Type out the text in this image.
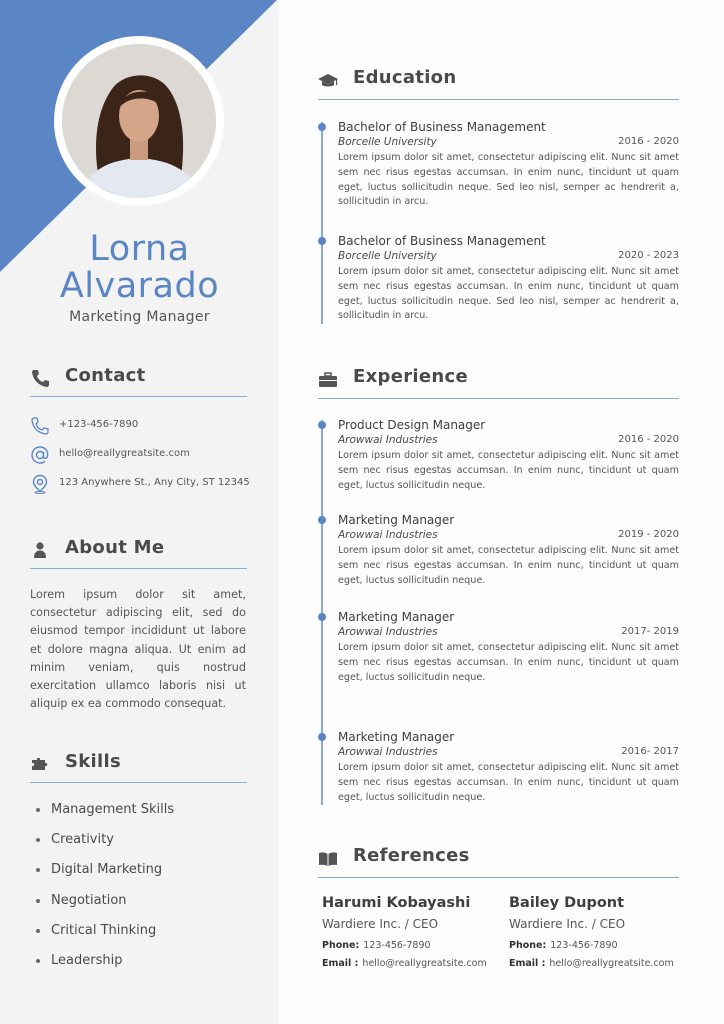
Lorna
Alvarado
Marketing Manager
Contact
+123-456-7890
hello@reallygreatsite.com
123 Anywhere St., Any City, ST 12345
About Me
Lorem ipsum dolor sit amet, consectetur adipiscing elit, sed do eiusmod tempor incididunt ut labore et dolore magna aliqua. Ut enim ad minim veniam, quis nostrud exercitation ullamco laboris nisi ut aliquip ex ea commodo consequat.
Skills
Management Skills
Creativity
Digital Marketing
Negotiation
Critical Thinking
Leadership
Education
Bachelor of Business Management
Borcelle University	2016 - 2020
Lorem ipsum dolor sit amet, consectetur adipiscing elit. Nunc sit amet sem nec risus egestas accumsan. In enim nunc, tincidunt ut quam eget, luctus sollicitudin neque. Sed leo nisl, semper ac hendrerit a, sollicitudin in arcu.
Bachelor of Business Management
Borcelle University	2020 - 2023
Lorem ipsum dolor sit amet, consectetur adipiscing elit. Nunc sit amet sem nec risus egestas accumsan. In enim nunc, tincidunt ut quam eget, luctus sollicitudin neque. Sed leo nisl, semper ac hendrerit a, sollicitudin in arcu.
Experience
Product Design Manager
Arowwai Industries	2016 - 2020
Lorem ipsum dolor sit amet, consectetur adipiscing elit. Nunc sit amet sem nec risus egestas accumsan. In enim nunc, tincidunt ut quam eget, luctus sollicitudin neque.
Marketing Manager
Arowwai Industries	2019 - 2020
Lorem ipsum dolor sit amet, consectetur adipiscing elit. Nunc sit amet sem nec risus egestas accumsan. In enim nunc, tincidunt ut quam eget, luctus sollicitudin neque.
Marketing Manager
Arowwai Industries	2017- 2019
Lorem ipsum dolor sit amet, consectetur adipiscing elit. Nunc sit amet sem nec risus egestas accumsan. In enim nunc, tincidunt ut quam eget, luctus sollicitudin neque.
Marketing Manager
Arowwai Industries	2016- 2017
Lorem ipsum dolor sit amet, consectetur adipiscing elit. Nunc sit amet sem nec risus egestas accumsan. In enim nunc, tincidunt ut quam eget, luctus sollicitudin neque.
References
Harumi Kobayashi
Wardiere Inc. / CEO
Phone: 123-456-7890
Email : hello@reallygreatsite.com
Bailey Dupont
Wardiere Inc. / CEO
Phone: 123-456-7890
Email : hello@reallygreatsite.com
